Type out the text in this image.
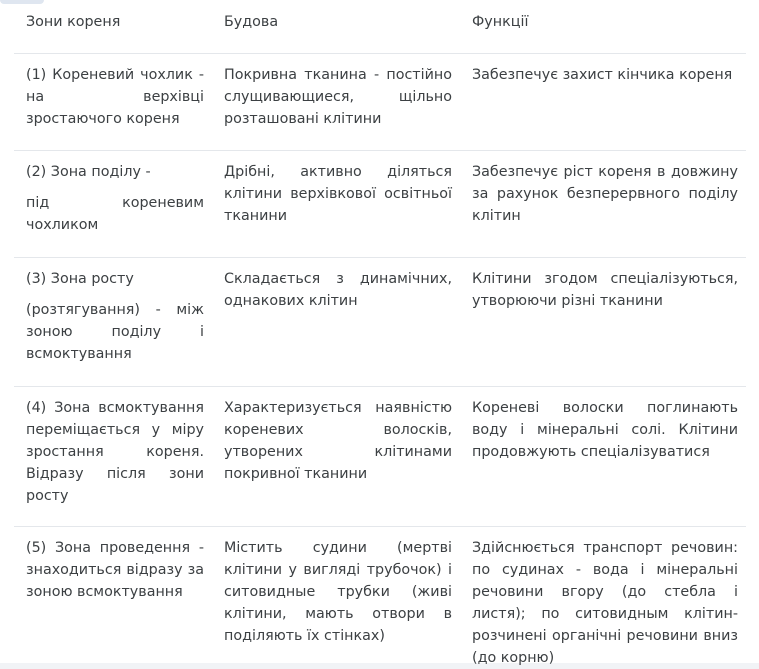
Зони кореня	Будова	Функції

(1) Кореневий чохлик - на верхівці зростаючого кореня	Покривна тканина - постійно слущивающиеся, щільно розташовані клітини	Забезпечує захист кінчика кореня

(2) Зона поділу -
під кореневим чохликом	Дрібні, активно діляться клітини верхівкової освітньої тканини	Забезпечує ріст кореня в довжину за рахунок безперервного поділу клітин

(3) Зона росту
(розтягування) - між зоною поділу і всмоктування	Складається з динамічних, однакових клітин	Клітини згодом спеціалізуються, утворюючи різні тканини

(4) Зона всмоктування переміщається у міру зростання кореня. Відразу після зони росту	Характеризується наявністю кореневих волосків, утворених клітинами покривної тканини	Кореневі волоски поглинають воду і мінеральні солі. Клітини продовжують спеціалізуватися

(5) Зона проведення - знаходиться відразу за зоною всмоктування	Містить судини (мертві клітини у вигляді трубочок) і ситовидные трубки (живі клітини, мають отвори в поділяють їх стінках)	Здійснюється транспорт речовин: по судинах - вода і мінеральні речовини вгору (до стебла і листя); по ситовидным клітин-розчинені органічні речовини вниз (до корню)
